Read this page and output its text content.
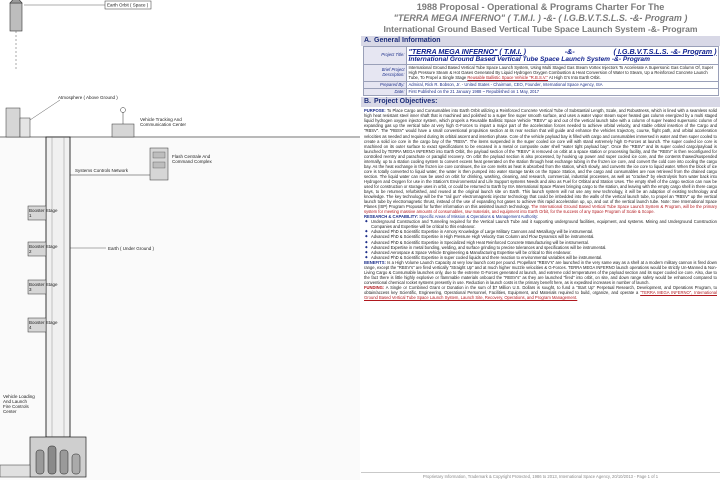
Earth Orbit ( Space )
Atmosphere ( Above Ground )
Vehicle Tracking And Communication Center
Systems Controls Network
Flash Centrale And Command Complex
Earth ( Under Ground )
Booster Stage 1
Booster Stage 2
Booster Stage 3
Booster Stage 4
Vehicle Loading And Launch Fire Controls Center
1988 Proposal - Operational & Programs Charter For The
"TERRA MEGA INFERNO" ( T.M.I. ) -&- ( I.G.B.V.T.S.L.S. -&- Program )
International Ground Based Vertical Tube Space Launch System -&- Program
A. General Information
Project Title:	"TERRA MEGA INFERNO" ( T.M.I. ) -&- ( I.G.B.V.T.S.L.S. -&- Program )
International Ground Based Vertical Tube Space Launch System -&- Program

Brief Project Description:	International Ground Based Vertical Tube Space Launch System, Using Multi Staged Gas Steam Vortex Injectors To Accelerate A Supersonic Gas Column Of, Super High Pressure Steam & Hot Gases Generated By Liquid Hydrogen Oxygen Combustion & Heat Conversion of Water to Steam, Up a Reinforced Concrete Launch Tube, To Propel a Single Stage Reusable Ballistic Space Vehicle "R.B.S.V." At High G's Into Earth Orbit.
Prepared By:	Admiral, Rick R. Bobson, Jr. - United States - Chairman, CEO, Founder, International Space Agency, ISA
Date:	First Published on the 21 January 1988 ~ Republished on 1 May, 2017
B. Project Objectives:

PURPOSE: To Place Cargo and Consumables into Earth Orbit utilizing a Reinforced Concrete Vertical Tube of Substantial Length, Scale, and Robustness, which is lined with a seamless solid high heat resistant steel inner shaft that is machined and polished to a super fine super smooth surface, and uses a water vapor steam super heated gas column energized by a multi staged liquid hydrogen oxygen injector system, which propels a Reusable Ballistic Space Vehicle "RBSV" up and out of the vertical launch tube with a column of super heated supersonic column of expanding gas up the vertical tube at very high G-Forces to impart a major part of the acceleration forces needed to achieve orbital velocity, and stable orbital insertion of the Cargo and "RBSV". The "RBSV" would have a small conventional propulsion section at its rear section that will guide and enhance the vehicles trajectory, course, flight path, and orbital acceleration velocities as needed and required during its orbital ascent and insertion phase. Core of the vehicle payload bay is filled with cargo and consumables immersed in water and then super cooled to create a solid ice core in the cargo bay of the "RBSV". The items suspended in the super cooled ice core will with stand extremely high G-Forces at launch. The super cooled ice core is machined on its outer surface to exact specifications to be encased in a metal or composite outer shell "water tight payload bay". Once the "RBSV" and its super cooled cargo/payload is launched by TERRA MEGA INFERNO into Earth Orbit, the payload section of the "RBSV" is removed on orbit at a space station or processing facility, and the "RBSV" is then reconfigured for controlled reentry and parachute or paraglid recovery. On orbit the payload section is also processed, by hooking up power and super cooled ice core, and the contents thawed/suspended internally, up to a station cooling system to convert excess heat generated on the station through heat exchange tubing in the frozen ice core, and convert the cold core into cooling the cargo bay. As the heat exchange in the frozen ice core continues, the ice core melts as heat is absorbed from the station, which slowly, and converts the ice core to liquid water. When the block of ice core is totally converted to liquid water, the water is then pumped into water storage tanks on the Space Station, and the cargo and consumables are now retrieved from the drained cargo section. The liquid water can now be used on orbit for drinking, washing, cleaning, and research, commercial, industrial processes, as well as "cracked" by electrolysis from water back into Hydrogen and Oxygen for use in the Station's Environmental and Life Support systems Needs and also as Fuel for Orbital and Station Uses. The empty shell of the cargo section can now be used for construction or storage uses in orbit, or could be returned to Earth by ISA International Space Planes bringing cargo to the station, and leaving with the empty cargo shell in there cargo bays, to be returned, refurbished, and reused at the original launch site on Earth. This launch system will not use any new technology, it will be an adaption of existing technology and knowledge. The key technology will be the "rail gun" electromagnetic injector technology that could be imbedded into the walls of the vertical launch tube, to propel an "RBSV" up the vertical launch tube by electromagnetic thrust, instead of the use of expanding hot gases to achieve this rapid acceleration up, up, and out of the vertical launch tube. Note: See International Space Planes (ISP) Program Proposal for further information on this assisted launch technology. The International Ground Based Vertical Tube Space Launch System & Program, will be the primary system for meeting massive amounts of consumables, raw materials, and equipment into Earth Orbit, for the success of any Space Program of Scale & Scope.

RESEARCH & CAPABILITY: Specific Areas of Mission & Operations & Management Authority:

◆ Underground Construction and Tunneling required for the Vertical Launch Tube and it supporting underground facilities, equipment, and systems. Mining and Underground Construction Companies and Expertise will be critical to this endeavor.
◆ Advanced PhD & Scientific Expertise in Armory Knowledge of Large Military Cannons and Metallurgy will be instrumental.
◆ Advanced PhD & Scientific Expertise in High Pressure High Velocity Gas Column and Flow Dynamics will be instrumental.
◆ Advanced PhD & Scientific Expertise in Specialized High Heat Reinforced Concrete Manufacturing will be instrumental.
◆ Advanced Expertise in metal bonding, welding, and surface grinding to precise tolerances and specifications will be instrumental.
◆ Advanced Aerospace & Space Vehicle Engineering & Manufacturing Expertise will be critical to this endeavor.
◆ Advanced PhD & Scientific Expertise in super cooled liquids and there reaction to environmental variables will be instrumental.

BENEFITS: Is a High Volume Launch Capacity at very low launch cost per pound. Propellant "RBSV's" are launched in the very same way as a shell at a modern military cannon is fired down range, except the "RBSV's" are fired vertically "Straight Up" and at much higher muzzle velocities & G-Forces. TERRA MEGA INFERNO launch operations would be strictly Un-Manned & Non-Living Cargo & Consumable launches only, due to the extreme G-Forces generated at launch, and extreme cold temperatures of the payload section and its super cooled ice core. Also, due to the fact there is little highly explosive or flammable materials onboard the "RBSV's" as they are launched "fired" into orbit, on site, and down range safety would be enhanced compared to conventional chemical rocket systems presently in use. Reduction in launch costs is the primary benefit here, as is expedited increases in number of launch.

FUNDING: A Single or Combined Grant or Donation in the sum of $7 Million U.S. Dollars is sought, to fund a "Start Up" Perpetual Research, Development, and Operations Program, to obtain/access key Scientific, Engineering, Operational Personnel, Facilities, Equipment, and Materials required to build, organize, and operate a "TERRA MEGA INFERNO", International Ground Based Vertical Tube Space Launch System, Launch Site, Recovery, Operations, and Program Management.

Proprietary Information, Trademark & Copyright Protected, 1986 to 2013, International Space Agency, 20/10/2013 - Page 1 of 1
